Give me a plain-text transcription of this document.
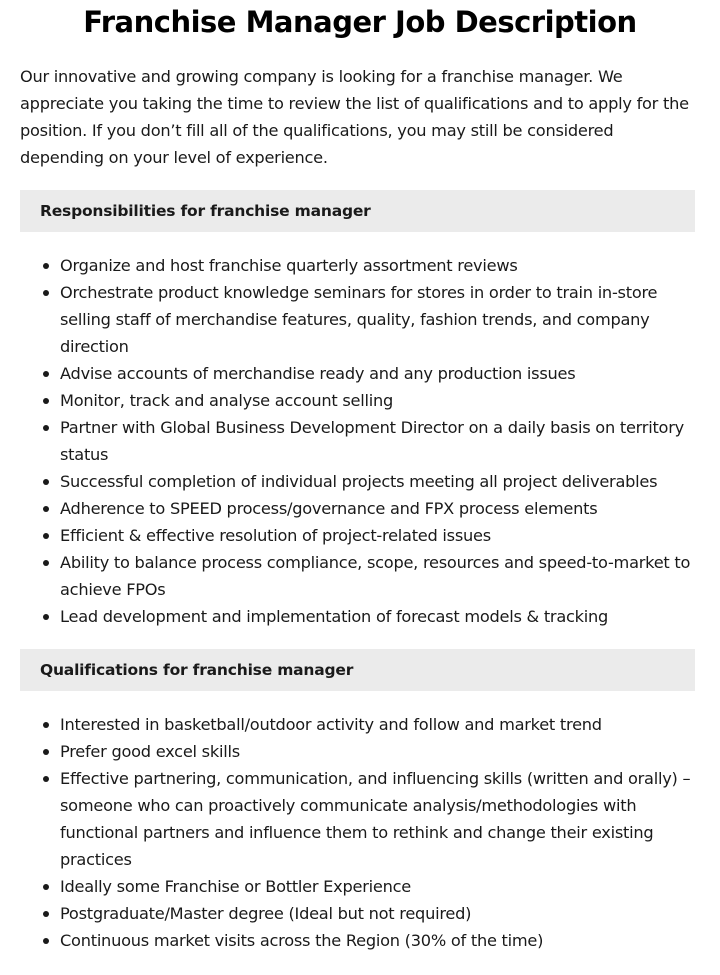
Franchise Manager Job Description

Our innovative and growing company is looking for a franchise manager. We appreciate you taking the time to review the list of qualifications and to apply for the position. If you don’t fill all of the qualifications, you may still be considered depending on your level of experience.

Responsibilities for franchise manager
Organize and host franchise quarterly assortment reviews
Orchestrate product knowledge seminars for stores in order to train in-store selling staff of merchandise features, quality, fashion trends, and company direction
Advise accounts of merchandise ready and any production issues
Monitor, track and analyse account selling
Partner with Global Business Development Director on a daily basis on territory status
Successful completion of individual projects meeting all project deliverables
Adherence to SPEED process/governance and FPX process elements
Efficient & effective resolution of project-related issues
Ability to balance process compliance, scope, resources and speed-to-market to achieve FPOs
Lead development and implementation of forecast models & tracking
Qualifications for franchise manager
Interested in basketball/outdoor activity and follow and market trend
Prefer good excel skills
Effective partnering, communication, and influencing skills (written and orally) –someone who can proactively communicate analysis/methodologies with functional partners and influence them to rethink and change their existing practices
Ideally some Franchise or Bottler Experience
Postgraduate/Master degree (Ideal but not required)
Continuous market visits across the Region (30% of the time)
